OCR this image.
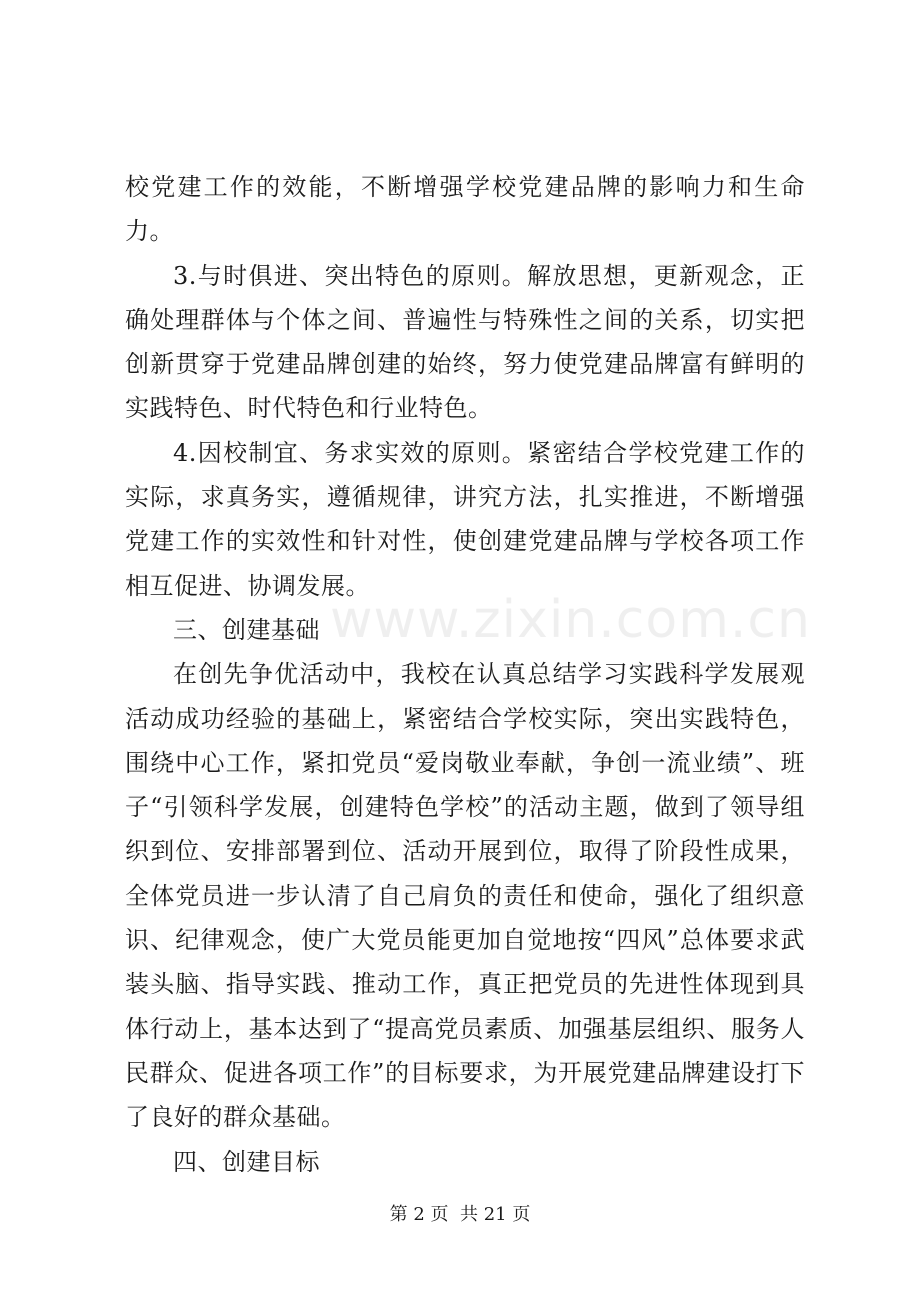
校党建工作的效能，不断增强学校党建品牌的影响力和生命力。

3.与时俱进、突出特色的原则。解放思想，更新观念，正确处理群体与个体之间、普遍性与特殊性之间的关系，切实把创新贯穿于党建品牌创建的始终，努力使党建品牌富有鲜明的实践特色、时代特色和行业特色。

4.因校制宜、务求实效的原则。紧密结合学校党建工作的实际，求真务实，遵循规律，讲究方法，扎实推进，不断增强党建工作的实效性和针对性，使创建党建品牌与学校各项工作相互促进、协调发展。

三、创建基础

在创先争优活动中，我校在认真总结学习实践科学发展观活动成功经验的基础上，紧密结合学校实际，突出实践特色，围绕中心工作，紧扣党员“爱岗敬业奉献，争创一流业绩”、班子“引领科学发展，创建特色学校”的活动主题，做到了领导组织到位、安排部署到位、活动开展到位，取得了阶段性成果，全体党员进一步认清了自己肩负的责任和使命，强化了组织意识、纪律观念，使广大党员能更加自觉地按“四风”总体要求武装头脑、指导实践、推动工作，真正把党员的先进性体现到具体行动上，基本达到了“提高党员素质、加强基层组织、服务人民群众、促进各项工作”的目标要求，为开展党建品牌建设打下了良好的群众基础。

四、创建目标

www.zixin.com.cn
第 2 页  共 21 页
